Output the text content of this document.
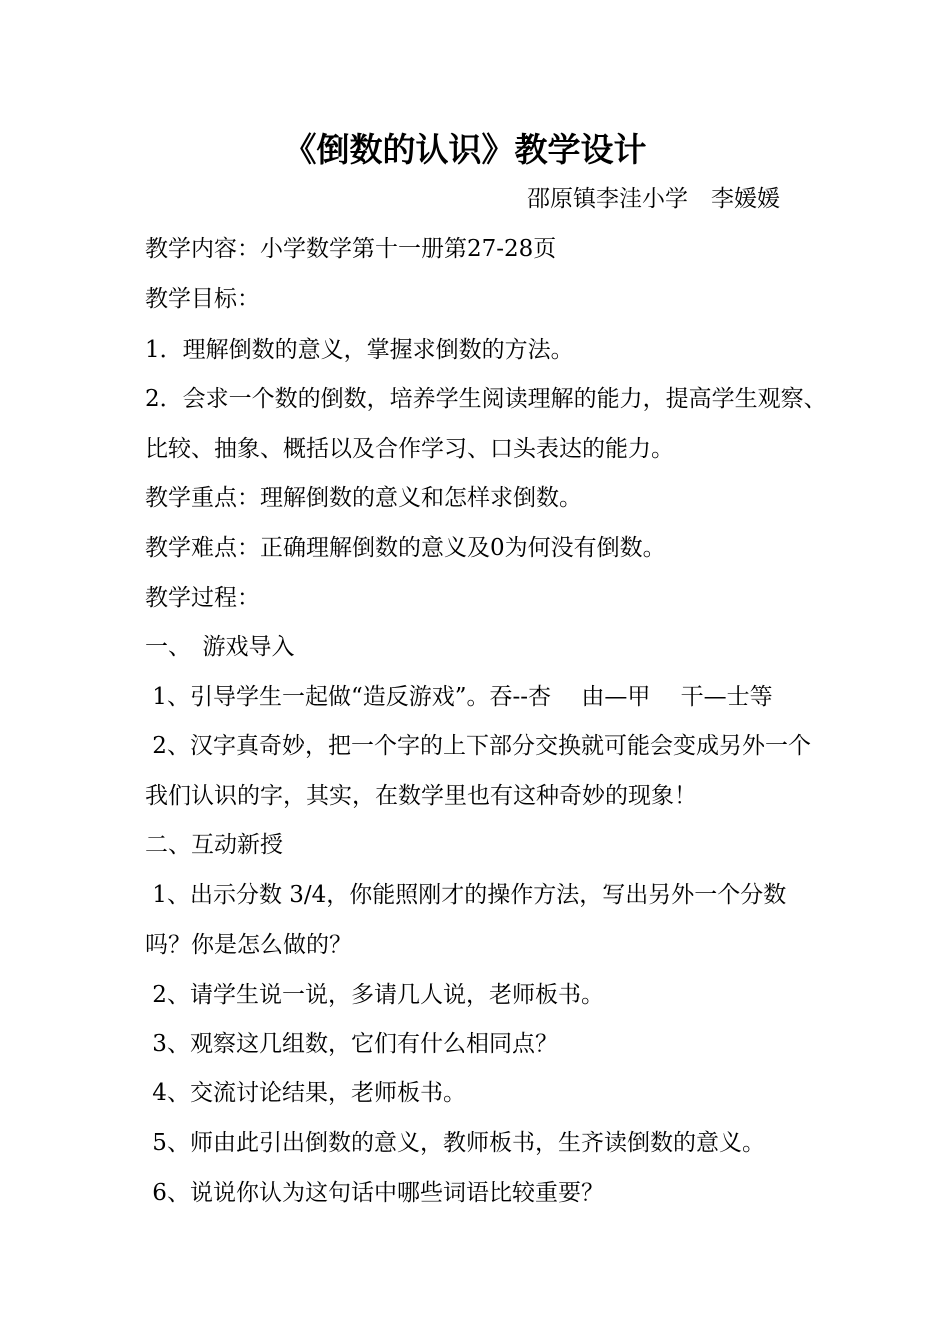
《倒数的认识》教学设计
邵原镇李洼小学　李媛媛
教学内容：小学数学第十一册第27-28页
教学目标：
1．理解倒数的意义，掌握求倒数的方法。
2．会求一个数的倒数，培养学生阅读理解的能力，提高学生观察、
比较、抽象、概括以及合作学习、口头表达的能力。
教学重点：理解倒数的意义和怎样求倒数。
教学难点：正确理解倒数的意义及0为何没有倒数。
教学过程：
一、　游戏导入
1、引导学生一起做“造反游戏”。吞--杏　 由—甲 　干—士等
2、汉字真奇妙，把一个字的上下部分交换就可能会变成另外一个
我们认识的字，其实，在数学里也有这种奇妙的现象！
二、互动新授
1、出示分数 3/4，你能照刚才的操作方法，写出另外一个分数
吗？你是怎么做的？
2、请学生说一说，多请几人说，老师板书。
3、观察这几组数，它们有什么相同点？
4、交流讨论结果，老师板书。
5、师由此引出倒数的意义，教师板书，生齐读倒数的意义。
6、说说你认为这句话中哪些词语比较重要？
